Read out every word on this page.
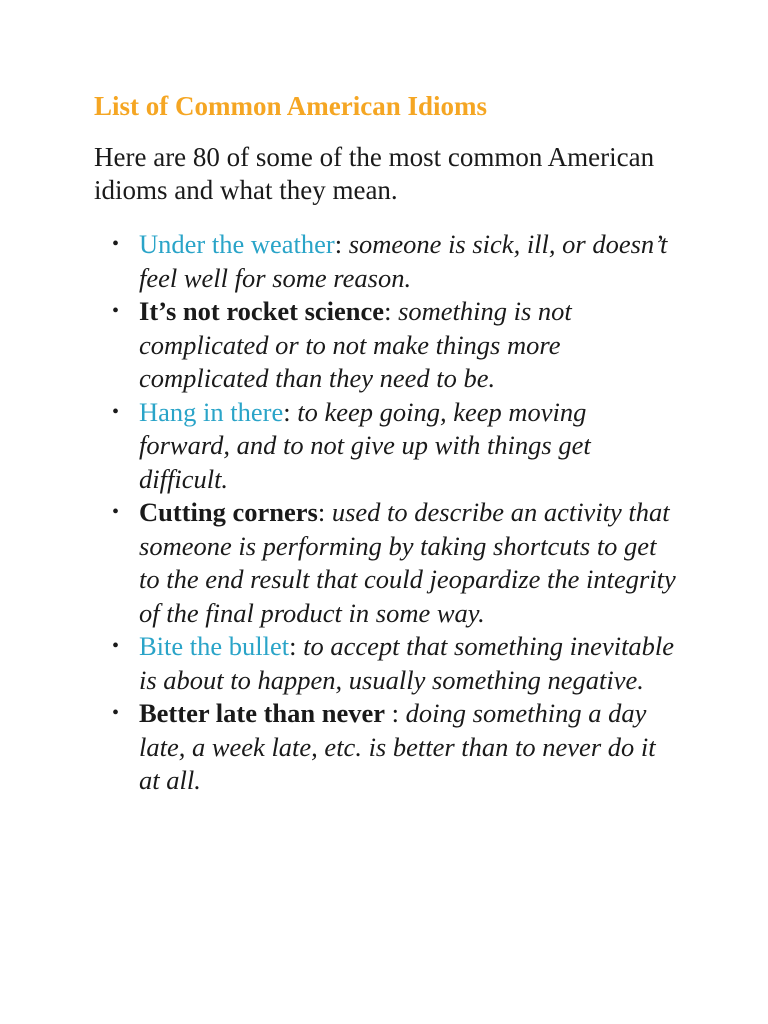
List of Common American Idioms

Here are 80 of some of the most common American idioms and what they mean.

• Under the weather: someone is sick, ill, or doesn’t feel well for some reason.
• It’s not rocket science: something is not complicated or to not make things more complicated than they need to be.
• Hang in there: to keep going, keep moving forward, and to not give up with things get difficult.
• Cutting corners: used to describe an activity that someone is performing by taking shortcuts to get to the end result that could jeopardize the integrity of the final product in some way.
• Bite the bullet: to accept that something inevitable is about to happen, usually something negative.
• Better late than never : doing something a day late, a week late, etc. is better than to never do it at all.
